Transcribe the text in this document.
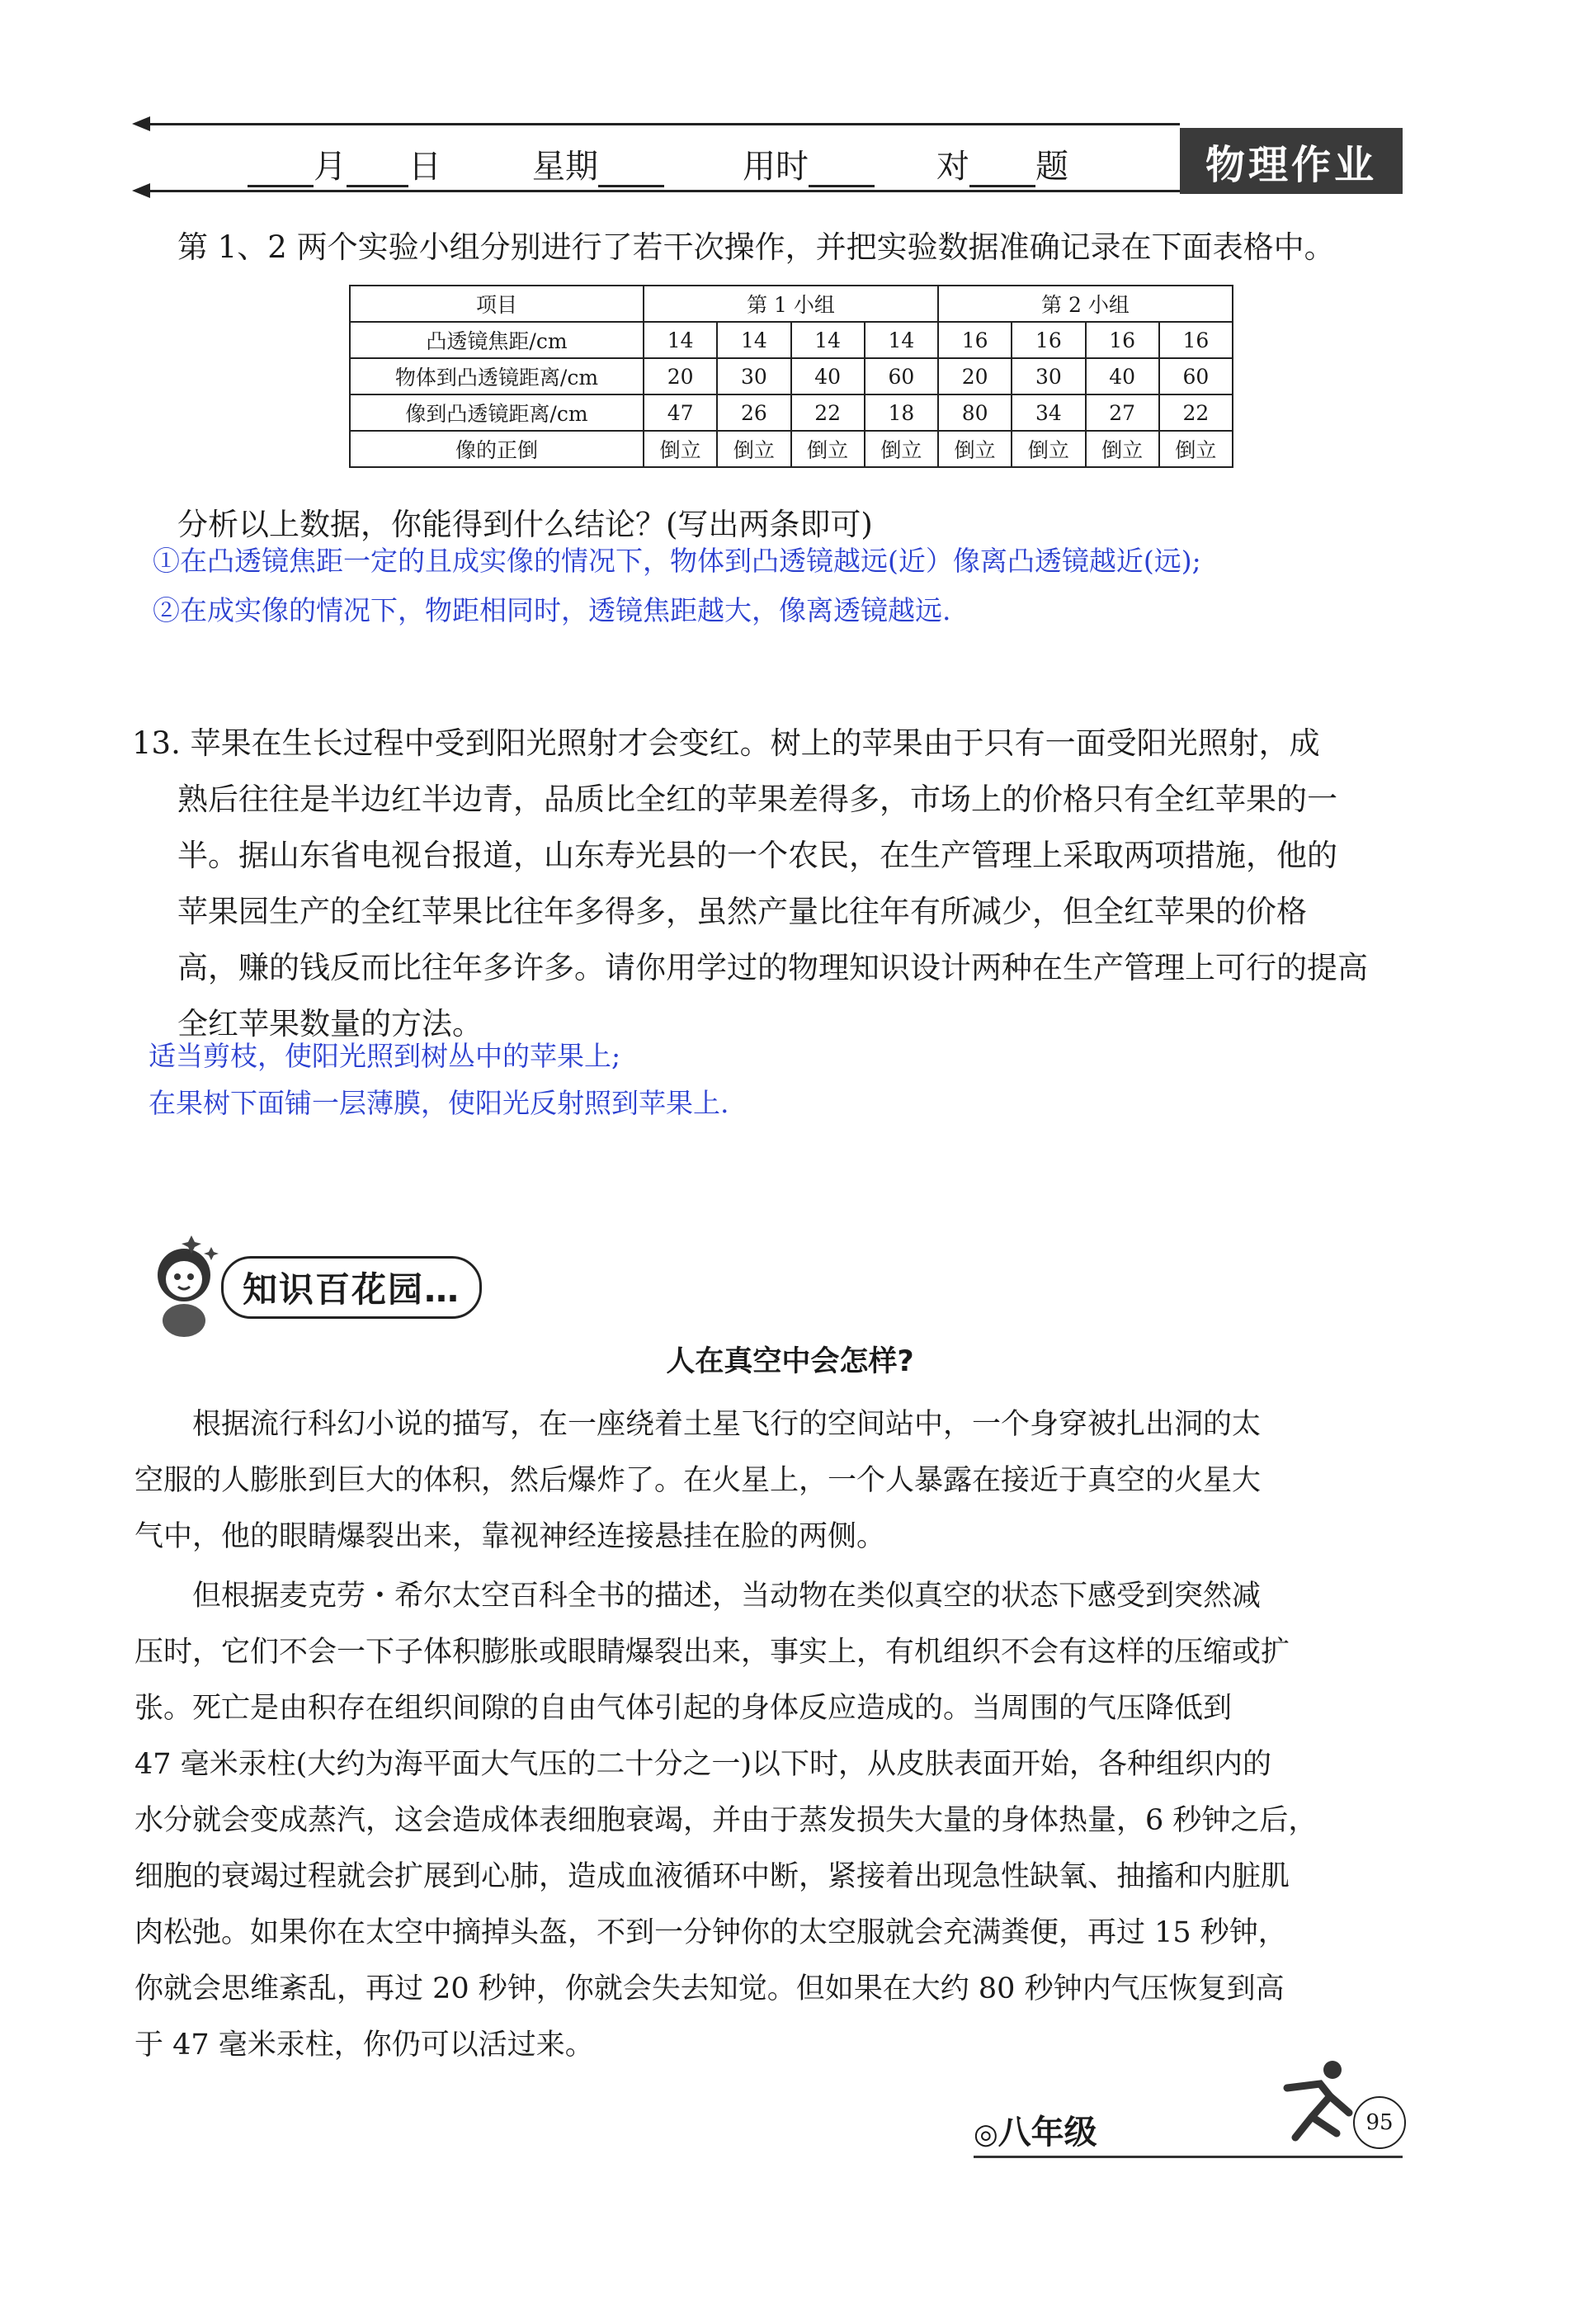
月 日	星期	用时	对 题	物理作业
第 1、2 两个实验小组分别进行了若干次操作，并把实验数据准确记录在下面表格中。
项目	第 1 小组				第 2 小组			
凸透镜焦距/cm	14	14	14	14	16	16	16	16
物体到凸透镜距离/cm	20	30	40	60	20	30	40	60
像到凸透镜距离/cm	47	26	22	18	80	34	27	22
像的正倒	倒立	倒立	倒立	倒立	倒立	倒立	倒立	倒立
分析以上数据，你能得到什么结论？(写出两条即可)
①在凸透镜焦距一定的且成实像的情况下，物体到凸透镜越远(近）像离凸透镜越近(远);
②在成实像的情况下，物距相同时，透镜焦距越大，像离透镜越远.
13. 苹果在生长过程中受到阳光照射才会变红。树上的苹果由于只有一面受阳光照射，成
熟后往往是半边红半边青，品质比全红的苹果差得多，市场上的价格只有全红苹果的一
半。据山东省电视台报道，山东寿光县的一个农民，在生产管理上采取两项措施，他的
苹果园生产的全红苹果比往年多得多，虽然产量比往年有所减少，但全红苹果的价格
高，赚的钱反而比往年多许多。请你用学过的物理知识设计两种在生产管理上可行的提高
全红苹果数量的方法。
适当剪枝，使阳光照到树丛中的苹果上;
在果树下面铺一层薄膜，使阳光反射照到苹果上.
知识百花园…
人在真空中会怎样?
　　根据流行科幻小说的描写，在一座绕着土星飞行的空间站中，一个身穿被扎出洞的太
空服的人膨胀到巨大的体积，然后爆炸了。在火星上，一个人暴露在接近于真空的火星大
气中，他的眼睛爆裂出来，靠视神经连接悬挂在脸的两侧。
　　但根据麦克劳・希尔太空百科全书的描述，当动物在类似真空的状态下感受到突然减
压时，它们不会一下子体积膨胀或眼睛爆裂出来，事实上，有机组织不会有这样的压缩或扩
张。死亡是由积存在组织间隙的自由气体引起的身体反应造成的。当周围的气压降低到
47 毫米汞柱(大约为海平面大气压的二十分之一)以下时，从皮肤表面开始，各种组织内的
水分就会变成蒸汽，这会造成体表细胞衰竭，并由于蒸发损失大量的身体热量，6 秒钟之后，
细胞的衰竭过程就会扩展到心肺，造成血液循环中断，紧接着出现急性缺氧、抽搐和内脏肌
肉松弛。如果你在太空中摘掉头盔，不到一分钟你的太空服就会充满粪便，再过 15 秒钟，
你就会思维紊乱，再过 20 秒钟，你就会失去知觉。但如果在大约 80 秒钟内气压恢复到高
于 47 毫米汞柱，你仍可以活过来。
◎八年级	95
